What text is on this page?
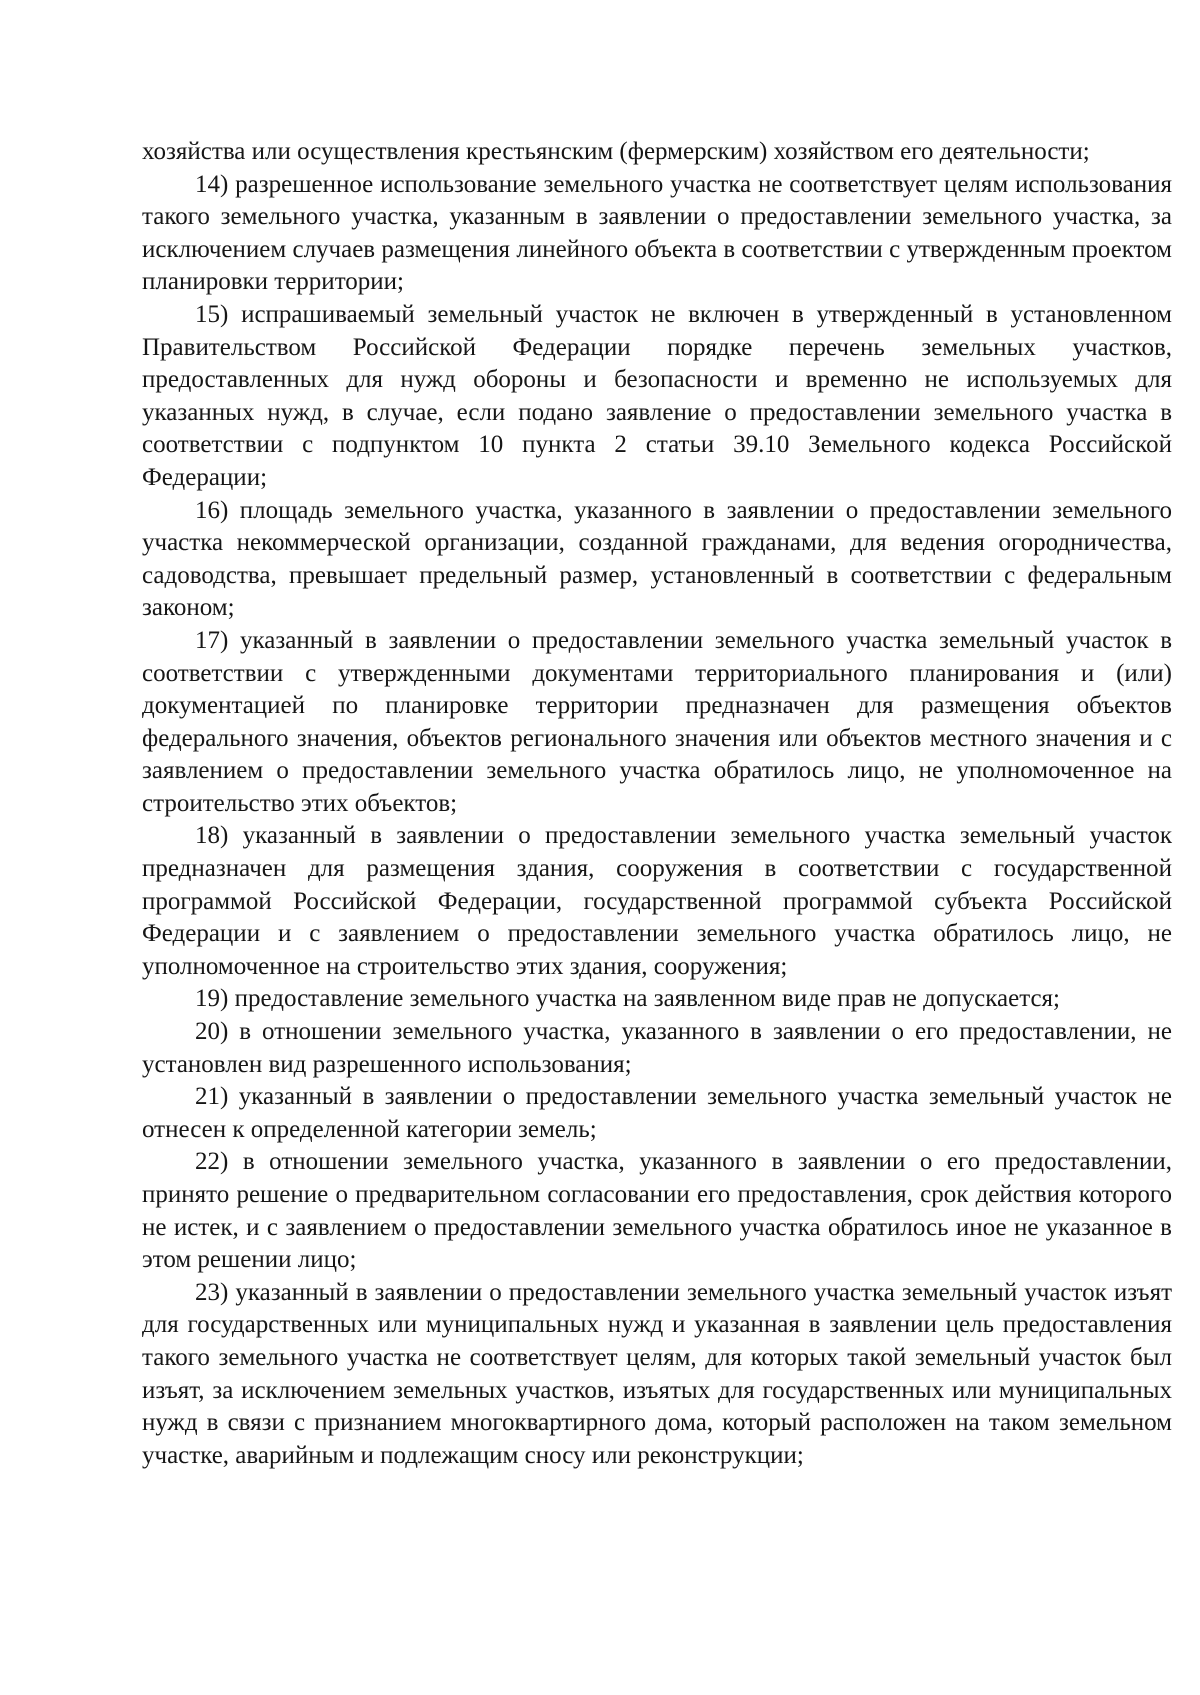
хозяйства или осуществления крестьянским (фермерским) хозяйством его деятельности;

14) разрешенное использование земельного участка не соответствует целям использования такого земельного участка, указанным в заявлении о предоставлении земельного участка, за исключением случаев размещения линейного объекта в соответствии с утвержденным проектом планировки территории;

15) испрашиваемый земельный участок не включен в утвержденный в установленном Правительством Российской Федерации порядке перечень земельных участков, предоставленных для нужд обороны и безопасности и временно не используемых для указанных нужд, в случае, если подано заявление о предоставлении земельного участка в соответствии с подпунктом 10 пункта 2 статьи 39.10 Земельного кодекса Российской Федерации;

16) площадь земельного участка, указанного в заявлении о предоставлении земельного участка некоммерческой организации, созданной гражданами, для ведения огородничества, садоводства, превышает предельный размер, установленный в соответствии с федеральным законом;

17) указанный в заявлении о предоставлении земельного участка земельный участок в соответствии с утвержденными документами территориального планирования и (или) документацией по планировке территории предназначен для размещения объектов федерального значения, объектов регионального значения или объектов местного значения и с заявлением о предоставлении земельного участка обратилось лицо, не уполномоченное на строительство этих объектов;

18) указанный в заявлении о предоставлении земельного участка земельный участок предназначен для размещения здания, сооружения в соответствии с государственной программой Российской Федерации, государственной программой субъекта Российской Федерации и с заявлением о предоставлении земельного участка обратилось лицо, не уполномоченное на строительство этих здания, сооружения;

19) предоставление земельного участка на заявленном виде прав не допускается;

20) в отношении земельного участка, указанного в заявлении о его предоставлении, не установлен вид разрешенного использования;

21) указанный в заявлении о предоставлении земельного участка земельный участок не отнесен к определенной категории земель;

22) в отношении земельного участка, указанного в заявлении о его предоставлении, принято решение о предварительном согласовании его предоставления, срок действия которого не истек, и с заявлением о предоставлении земельного участка обратилось иное не указанное в этом решении лицо;

23) указанный в заявлении о предоставлении земельного участка земельный участок изъят для государственных или муниципальных нужд и указанная в заявлении цель предоставления такого земельного участка не соответствует целям, для которых такой земельный участок был изъят, за исключением земельных участков, изъятых для государственных или муниципальных нужд в связи с признанием многоквартирного дома, который расположен на таком земельном участке, аварийным и подлежащим сносу или реконструкции;
